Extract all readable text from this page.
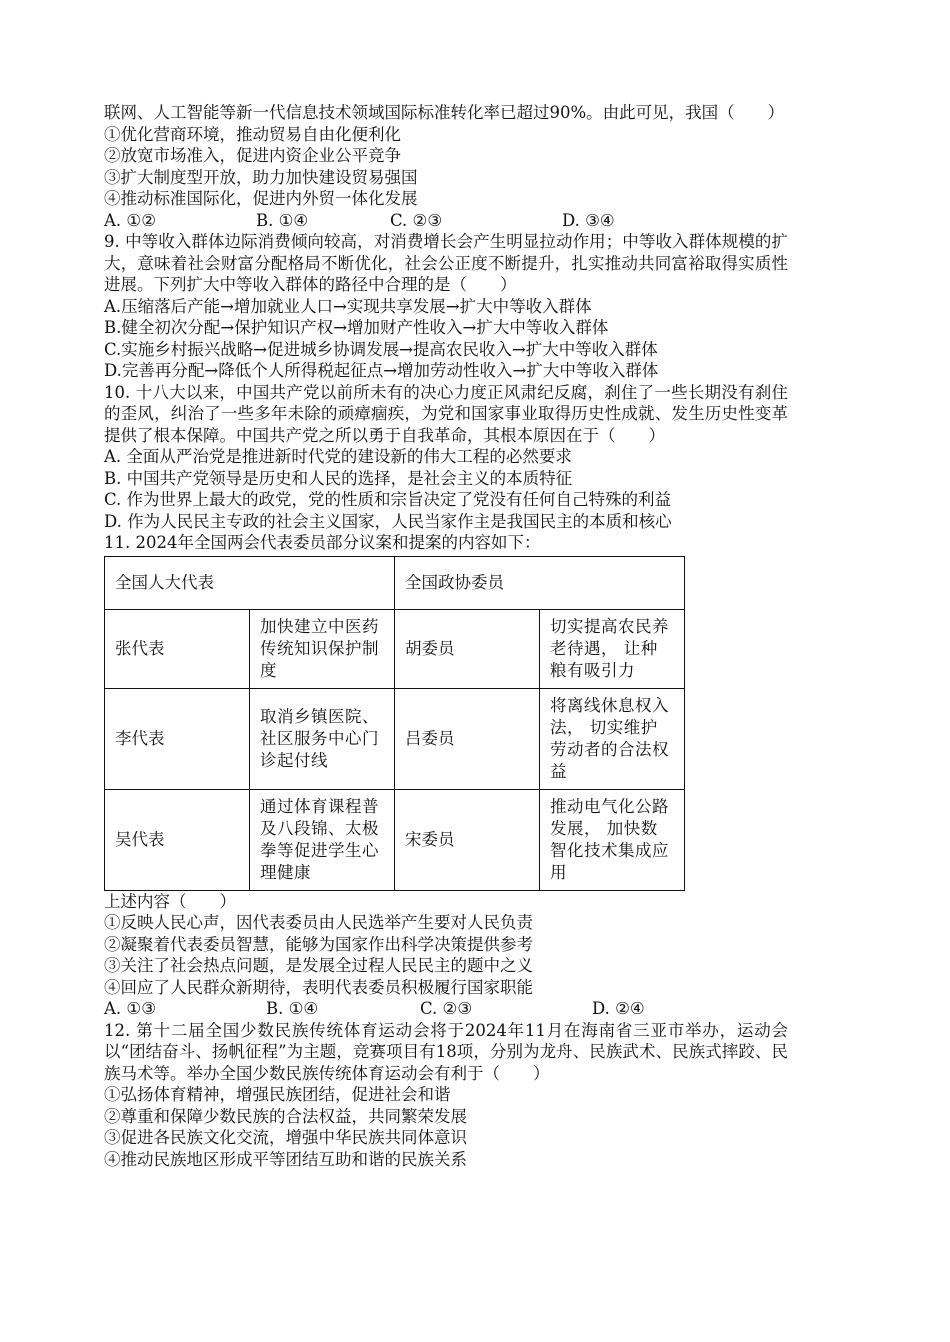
联网、人工智能等新一代信息技术领域国际标准转化率已超过90%。由此可见，我国（　　）

①优化营商环境，推动贸易自由化便利化

②放宽市场准入，促进内资企业公平竞争

③扩大制度型开放，助力加快建设贸易强国

④推动标准国际化，促进内外贸一体化发展

A. ①②	B. ①④	C. ②③	D. ③④

9. 中等收入群体边际消费倾向较高，对消费增长会产生明显拉动作用；中等收入群体规模的扩大，意味着社会财富分配格局不断优化，社会公正度不断提升，扎实推动共同富裕取得实质性进展。下列扩大中等收入群体的路径中合理的是（　　）

A.压缩落后产能→增加就业人口→实现共享发展→扩大中等收入群体

B.健全初次分配→保护知识产权→增加财产性收入→扩大中等收入群体

C.实施乡村振兴战略→促进城乡协调发展→提高农民收入→扩大中等收入群体

D.完善再分配→降低个人所得税起征点→增加劳动性收入→扩大中等收入群体

10. 十八大以来，中国共产党以前所未有的决心力度正风肃纪反腐，刹住了一些长期没有刹住的歪风，纠治了一些多年未除的顽瘴痼疾，为党和国家事业取得历史性成就、发生历史性变革提供了根本保障。中国共产党之所以勇于自我革命，其根本原因在于（　　）

A. 全面从严治党是推进新时代党的建设新的伟大工程的必然要求

B. 中国共产党领导是历史和人民的选择，是社会主义的本质特征

C. 作为世界上最大的政党，党的性质和宗旨决定了党没有任何自己特殊的利益

D. 作为人民民主专政的社会主义国家，人民当家作主是我国民主的本质和核心

11. 2024年全国两会代表委员部分议案和提案的内容如下：

全国人大代表		全国政协委员	
张代表	加快建立中医药传统知识保护制度	胡委员	切实提高农民养老待遇， 让种粮有吸引力
李代表	取消乡镇医院、社区服务中心门诊起付线	吕委员	将离线休息权入法， 切实维护劳动者的合法权益
吴代表	通过体育课程普及八段锦、太极拳等促进学生心理健康	宋委员	推动电气化公路发展， 加快数智化技术集成应用

上述内容（　　）

①反映人民心声，因代表委员由人民选举产生要对人民负责

②凝聚着代表委员智慧，能够为国家作出科学决策提供参考

③关注了社会热点问题，是发展全过程人民民主的题中之义

④回应了人民群众新期待，表明代表委员积极履行国家职能

A. ①③	B. ①④	C. ②③	D. ②④

12. 第十二届全国少数民族传统体育运动会将于2024年11月在海南省三亚市举办，运动会以“团结奋斗、扬帆征程”为主题，竞赛项目有18项，分别为龙舟、民族武术、民族式摔跤、民族马术等。举办全国少数民族传统体育运动会有利于（　　）

①弘扬体育精神，增强民族团结，促进社会和谐

②尊重和保障少数民族的合法权益，共同繁荣发展

③促进各民族文化交流，增强中华民族共同体意识

④推动民族地区形成平等团结互助和谐的民族关系
